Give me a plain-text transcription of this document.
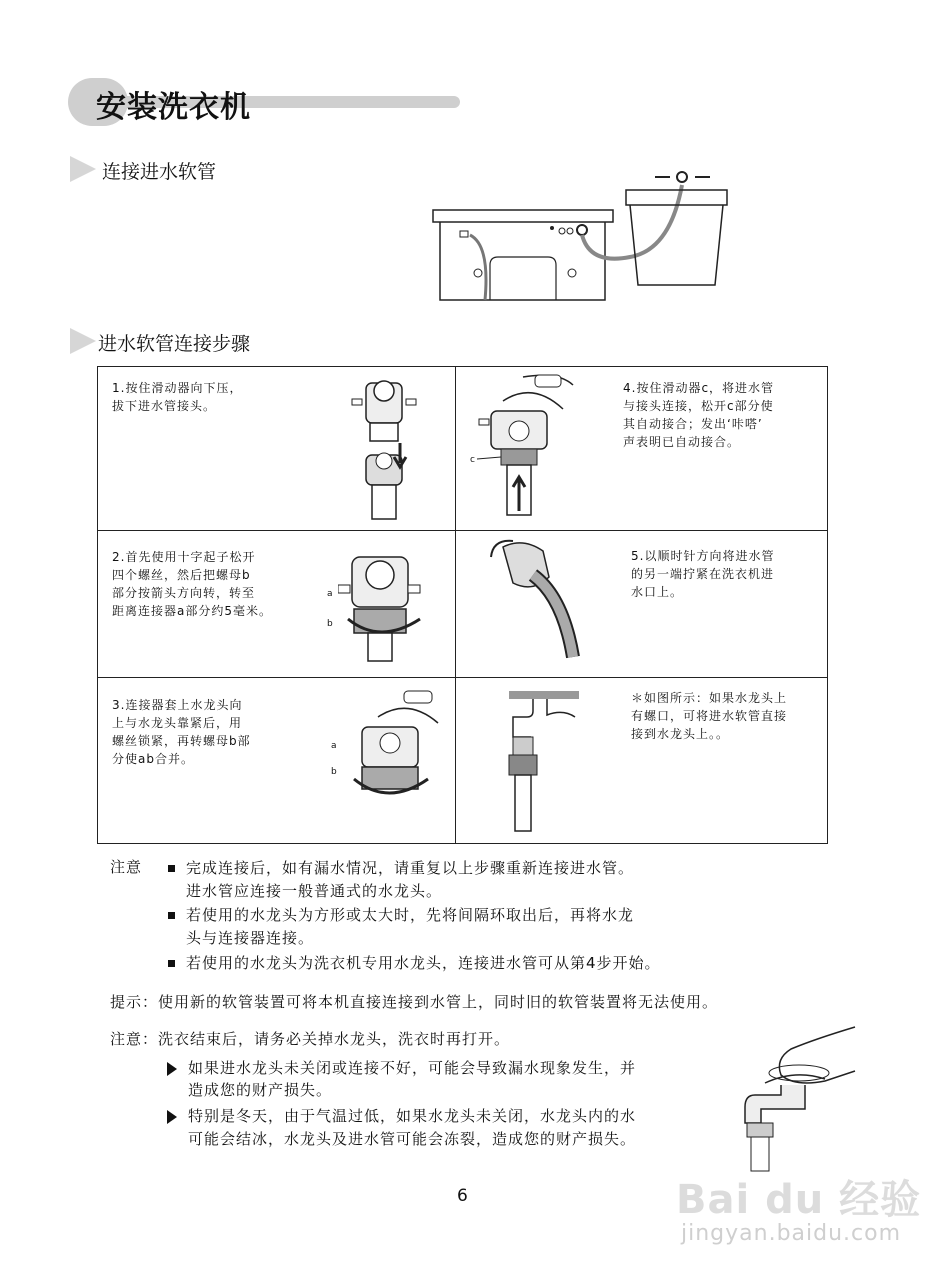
安装洗衣机
连接进水软管
进水软管连接步骤
1.按住滑动器向下压，
拔下进水管接头。
2.首先使用十字起子松开
四个螺丝，然后把螺母b
部分按箭头方向转，转至
距离连接器a部分约5毫米。
3.连接器套上水龙头向
上与水龙头靠紧后，用
螺丝锁紧，再转螺母b部
分使ab合并。
4.按住滑动器c，将进水管
与接头连接，松开c部分使
其自动接合；发出‘咔嗒’
声表明已自动接合。
5.以顺时针方向将进水管
的另一端拧紧在洗衣机进
水口上。
＊如图所示：如果水龙头上
有螺口，可将进水软管直接
接到水龙头上。。
c
a
b
a
b
注意	完成连接后，如有漏水情况，请重复以上步骤重新连接进水管。
进水管应连接一般普通式的水龙头。
若使用的水龙头为方形或太大时，先将间隔环取出后，再将水龙
头与连接器连接。
若使用的水龙头为洗衣机专用水龙头，连接进水管可从第4步开始。
提示：使用新的软管装置可将本机直接连接到水管上，同时旧的软管装置将无法使用。
注意：洗衣结束后，请务必关掉水龙头，洗衣时再打开。
如果进水龙头未关闭或连接不好，可能会导致漏水现象发生，并
造成您的财产损失。
特别是冬天，由于气温过低，如果水龙头未关闭，水龙头内的水
可能会结冰，水龙头及进水管可能会冻裂，造成您的财产损失。
6	Bai du 经验
jingyan.baidu.com
